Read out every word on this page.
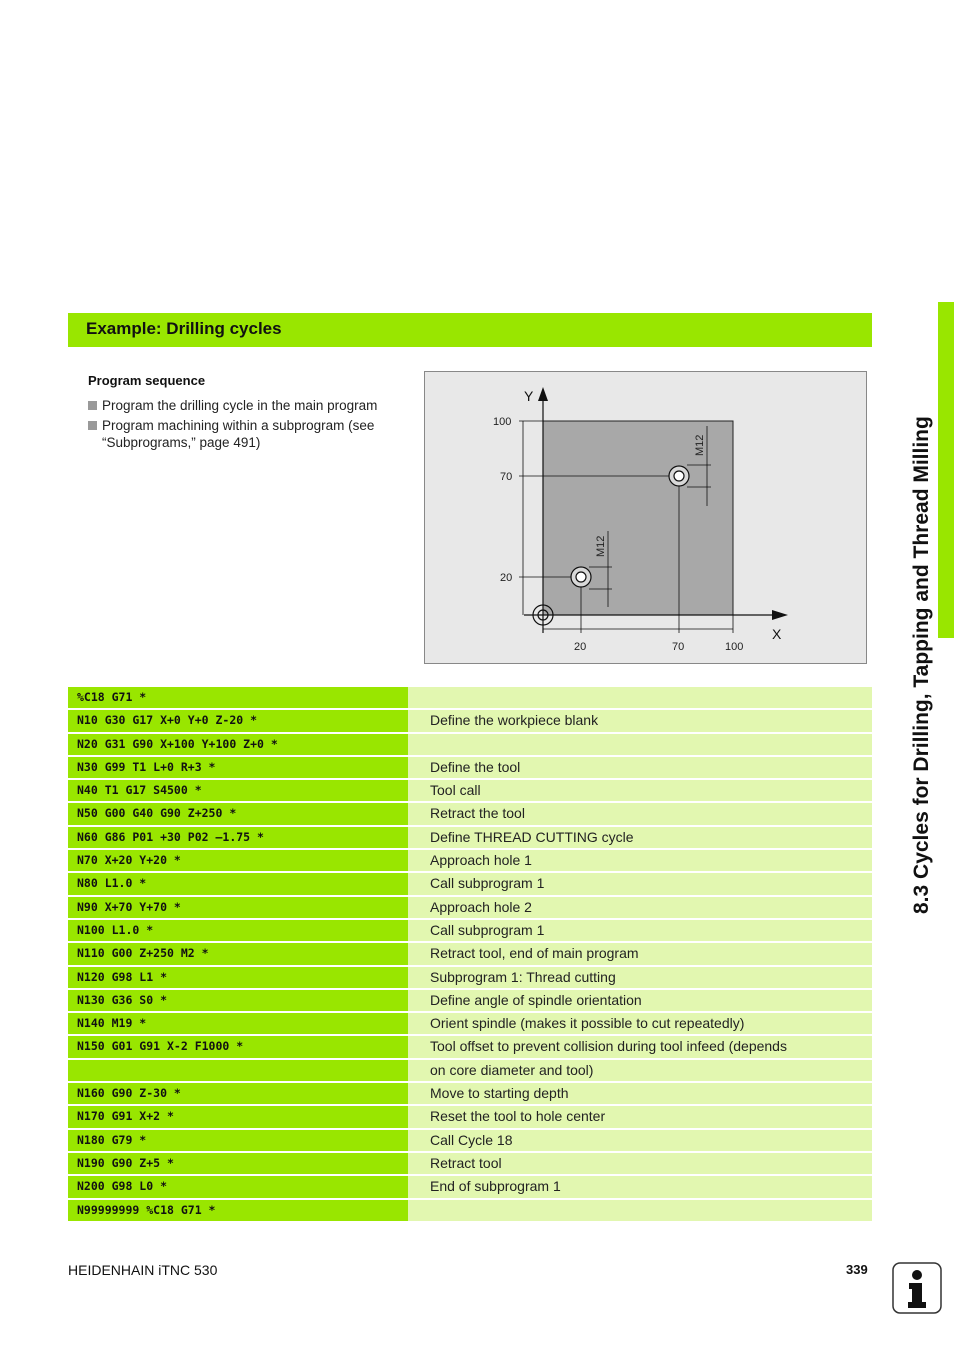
Example: Drilling cycles
Program sequence
Program the drilling cycle in the main program
Program machining within a subprogram (see
“Subprograms,” page 491)
Y
X
100
70
20
20	70	100
M12
M12
%C18 G71 *
N10 G30 G17 X+0 Y+0 Z-20 *	Define the workpiece blank
N20 G31 G90 X+100 Y+100 Z+0 *
N30 G99 T1 L+0 R+3 *	Define the tool
N40 T1 G17 S4500 *	Tool call
N50 G00 G40 G90 Z+250 *	Retract the tool
N60 G86 P01 +30 P02 –1.75 *	Define THREAD CUTTING cycle
N70 X+20 Y+20 *	Approach hole 1
N80 L1.0 *	Call subprogram 1
N90 X+70 Y+70 *	Approach hole 2
N100 L1.0 *	Call subprogram 1
N110 G00 Z+250 M2 *	Retract tool, end of main program
N120 G98 L1 *	Subprogram 1: Thread cutting
N130 G36 S0 *	Define angle of spindle orientation
N140 M19 *	Orient spindle (makes it possible to cut repeatedly)
N150 G01 G91 X-2 F1000 *	Tool offset to prevent collision during tool infeed (depends
on core diameter and tool)
N160 G90 Z-30 *	Move to starting depth
N170 G91 X+2 *	Reset the tool to hole center
N180 G79 *	Call Cycle 18
N190 G90 Z+5 *	Retract tool
N200 G98 L0 *	End of subprogram 1
N99999999 %C18 G71 *
8.3 Cycles for Drilling, Tapping and Thread Milling
HEIDENHAIN iTNC 530	339
